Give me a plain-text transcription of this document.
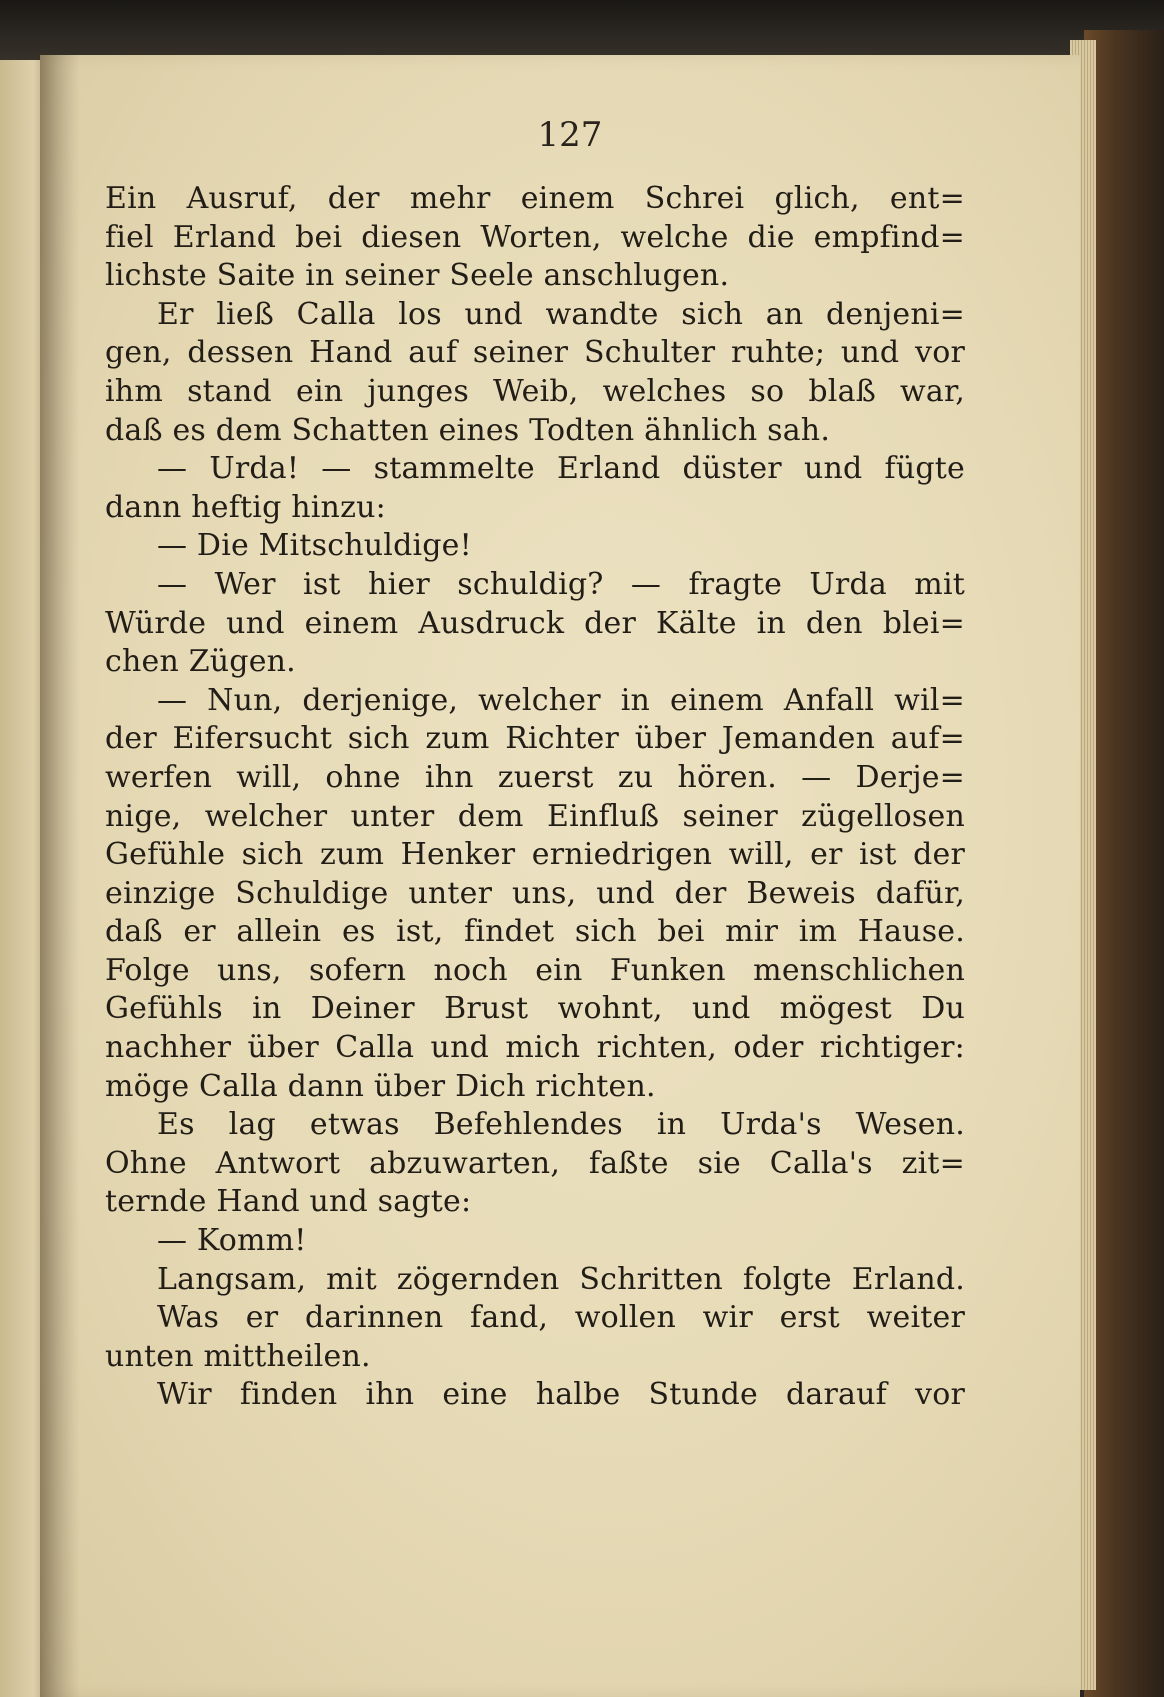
127
Ein Ausruf, der mehr einem Schrei glich, ent=
fiel Erland bei diesen Worten, welche die empfind=
lichste Saite in seiner Seele anschlugen.
Er ließ Calla los und wandte sich an denjeni=
gen, dessen Hand auf seiner Schulter ruhte; und vor
ihm stand ein junges Weib, welches so blaß war,
daß es dem Schatten eines Todten ähnlich sah.
— Urda! — stammelte Erland düster und fügte
dann heftig hinzu:
— Die Mitschuldige!
— Wer ist hier schuldig? — fragte Urda mit
Würde und einem Ausdruck der Kälte in den blei=
chen Zügen.
— Nun, derjenige, welcher in einem Anfall wil=
der Eifersucht sich zum Richter über Jemanden auf=
werfen will, ohne ihn zuerst zu hören. — Derje=
nige, welcher unter dem Einfluß seiner zügellosen
Gefühle sich zum Henker erniedrigen will, er ist der
einzige Schuldige unter uns, und der Beweis dafür,
daß er allein es ist, findet sich bei mir im Hause.
Folge uns, sofern noch ein Funken menschlichen
Gefühls in Deiner Brust wohnt, und mögest Du
nachher über Calla und mich richten, oder richtiger:
möge Calla dann über Dich richten.
Es lag etwas Befehlendes in Urda's Wesen.
Ohne Antwort abzuwarten, faßte sie Calla's zit=
ternde Hand und sagte:
— Komm!
Langsam, mit zögernden Schritten folgte Erland.
Was er darinnen fand, wollen wir erst weiter
unten mittheilen.
Wir finden ihn eine halbe Stunde darauf vor
